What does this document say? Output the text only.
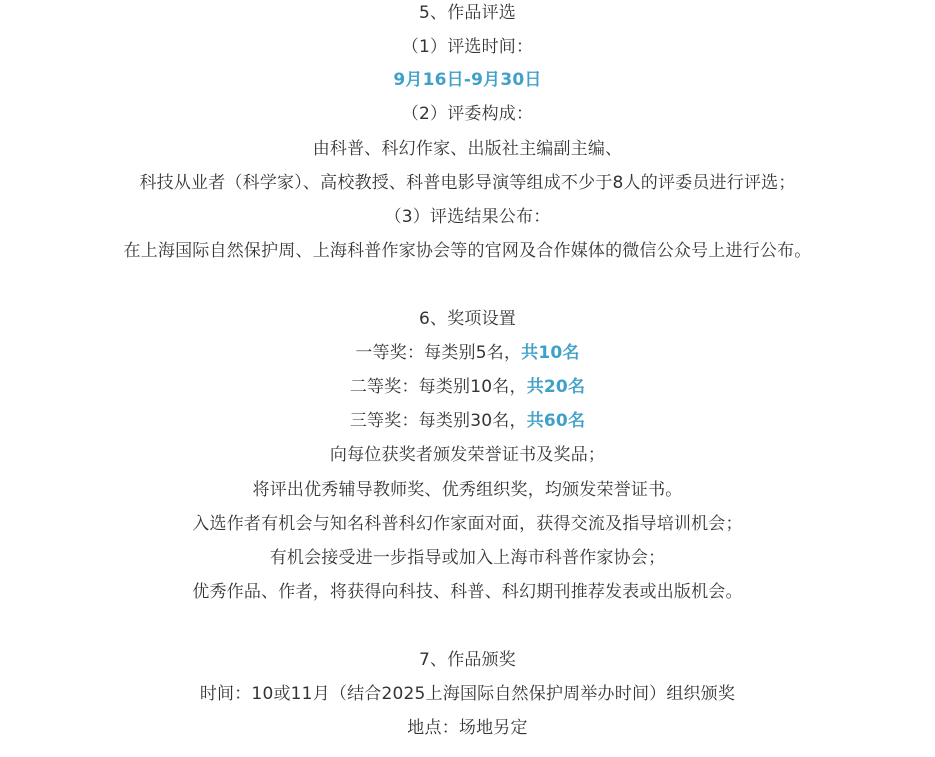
5、作品评选
（1）评选时间：
9月16日-9月30日
（2）评委构成：
由科普、科幻作家、出版社主编副主编、
科技从业者（科学家）、高校教授、科普电影导演等组成不少于8人的评委员进行评选；
（3）评选结果公布：
在上海国际自然保护周、上海科普作家协会等的官网及合作媒体的微信公众号上进行公布。
6、奖项设置
一等奖：每类别5名，共10名
二等奖：每类别10名，共20名
三等奖：每类别30名，共60名
向每位获奖者颁发荣誉证书及奖品；
将评出优秀辅导教师奖、优秀组织奖，均颁发荣誉证书。
入选作者有机会与知名科普科幻作家面对面，获得交流及指导培训机会；
有机会接受进一步指导或加入上海市科普作家协会；
优秀作品、作者，将获得向科技、科普、科幻期刊推荐发表或出版机会。
7、作品颁奖
时间：10或11月（结合2025上海国际自然保护周举办时间）组织颁奖
地点：场地另定
